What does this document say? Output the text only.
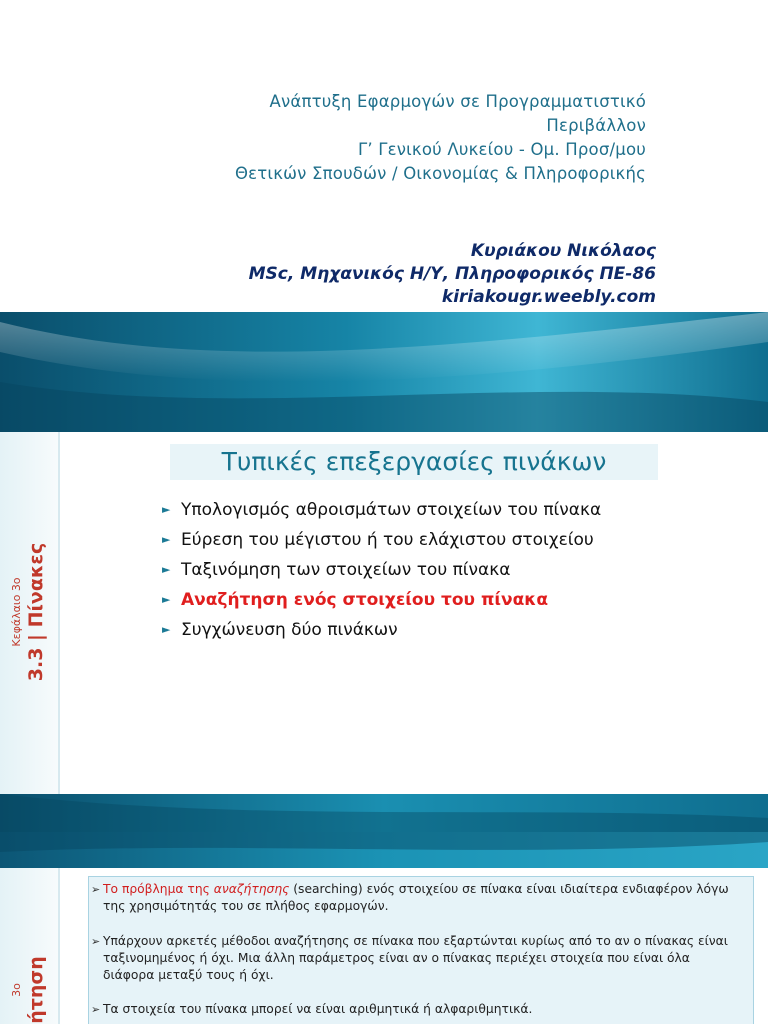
Ανάπτυξη Εφαρμογών σε Προγραμματιστικό
Περιβάλλον
Γ’ Γενικού Λυκείου - Ομ. Προσ/μου
Θετικών Σπουδών / Οικονομίας & Πληροφορικής
Κυριάκου Νικόλαος
MSc, Μηχανικός Η/Υ, Πληροφορικός ΠΕ-86
kiriakougr.weebly.com
Κεφάλαιο 3ο 3.3 | Πίνακες
Τυπικές επεξεργασίες πινάκων
► Υπολογισμός αθροισμάτων στοιχείων του πίνακα
► Εύρεση του μέγιστου ή του ελάχιστου στοιχείου
► Ταξινόμηση των στοιχείων του πίνακα
► Αναζήτηση ενός στοιχείου του πίνακα
► Συγχώνευση δύο πινάκων
3ο ήτηση
➢ Το πρόβλημα της αναζήτησης (searching) ενός στοιχείου σε πίνακα είναι ιδιαίτερα ενδιαφέρον λόγω της χρησιμότητάς του σε πλήθος εφαρμογών.
➢ Υπάρχουν αρκετές μέθοδοι αναζήτησης σε πίνακα που εξαρτώνται κυρίως από το αν ο πίνακας είναι ταξινομημένος ή όχι. Μια άλλη παράμετρος είναι αν ο πίνακας περιέχει στοιχεία που είναι όλα διάφορα μεταξύ τους ή όχι.
➢ Τα στοιχεία του πίνακα μπορεί να είναι αριθμητικά ή αλφαριθμητικά.
